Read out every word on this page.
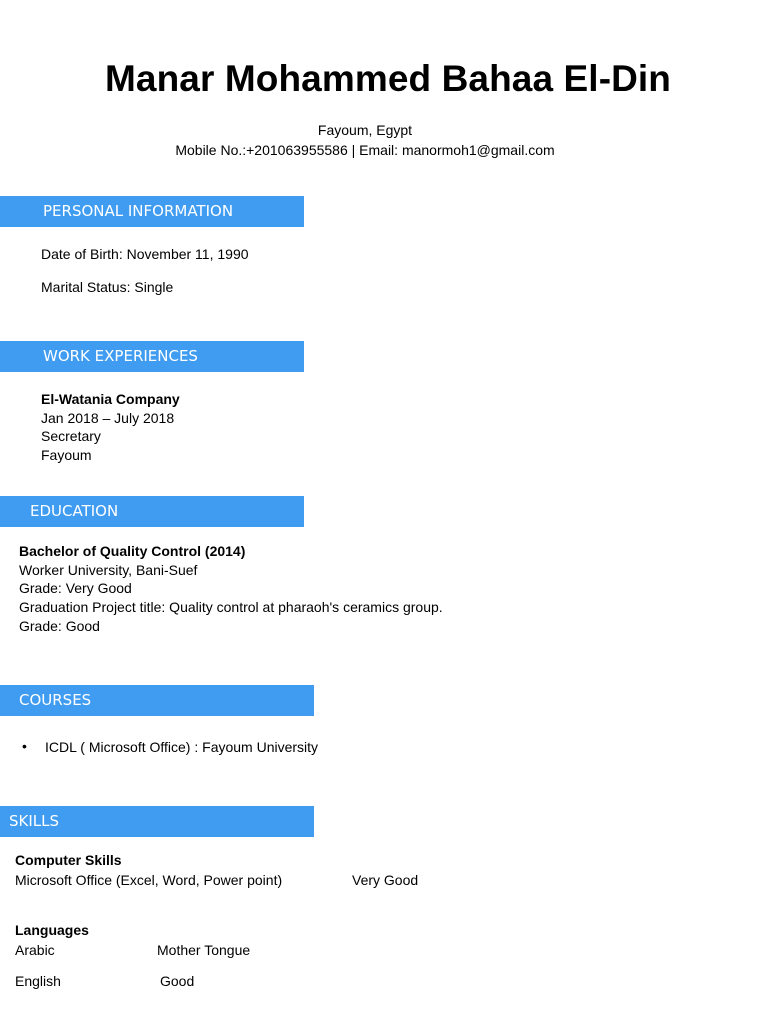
Manar Mohammed Bahaa El-Din
Fayoum, Egypt
Mobile No.:+201063955586 | Email: manormoh1@gmail.com
PERSONAL INFORMATION
Date of Birth: November 11, 1990
Marital Status: Single
WORK EXPERIENCES
El-Watania Company
Jan 2018 – July 2018
Secretary
Fayoum
EDUCATION
Bachelor of Quality Control (2014)
Worker University, Bani-Suef
Grade: Very Good
Graduation Project title: Quality control at pharaoh's ceramics group.
Grade: Good
COURSES
• ICDL ( Microsoft Office) : Fayoum University
SKILLS
Computer Skills
Microsoft Office (Excel, Word, Power point)	Very Good
Languages
Arabic	Mother Tongue
English	Good
